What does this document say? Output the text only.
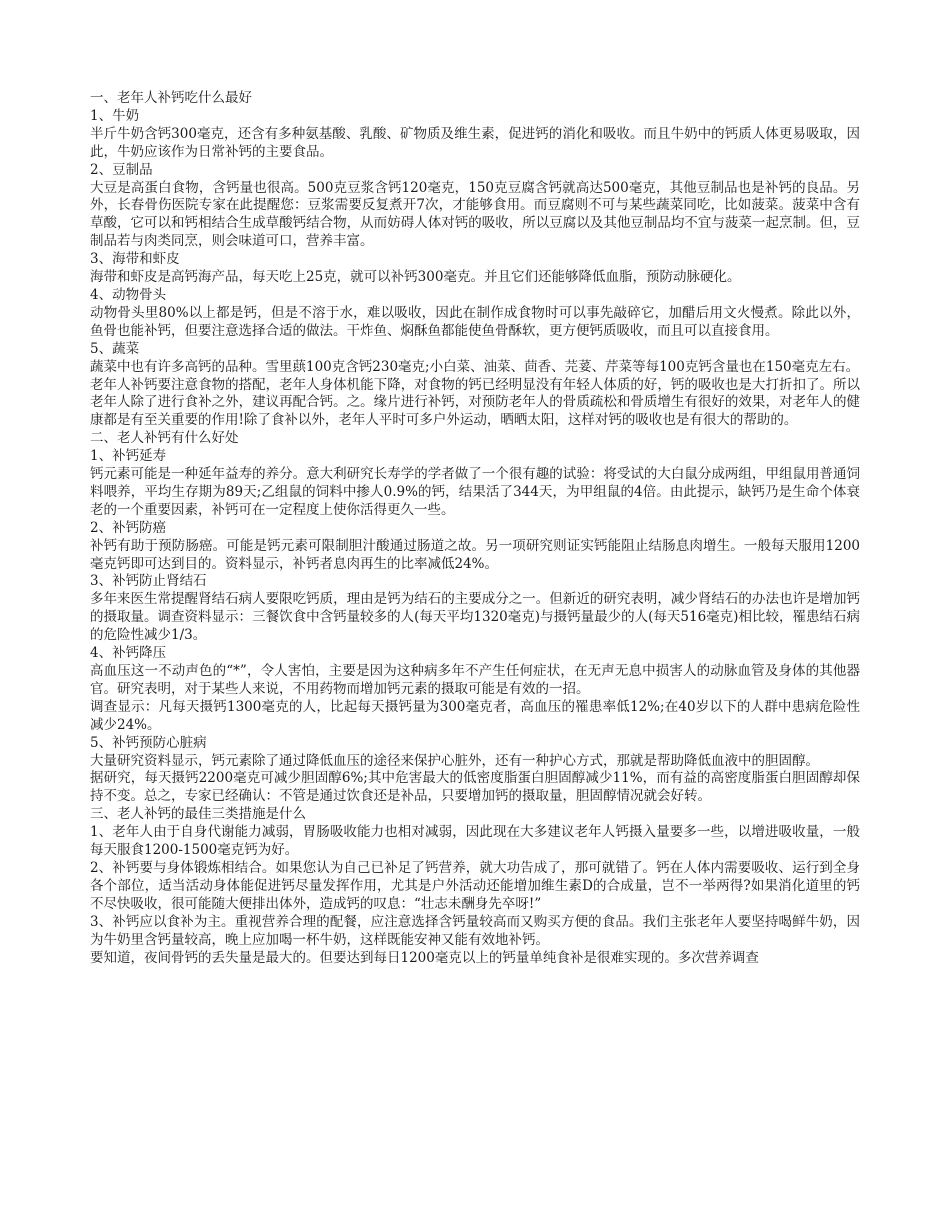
一、老年人补钙吃什么最好

1、牛奶

半斤牛奶含钙300毫克，还含有多种氨基酸、乳酸、矿物质及维生素，促进钙的消化和吸收。而且牛奶中的钙质人体更易吸取，因此，牛奶应该作为日常补钙的主要食品。

2、豆制品

大豆是高蛋白食物，含钙量也很高。500克豆浆含钙120毫克，150克豆腐含钙就高达500毫克，其他豆制品也是补钙的良品。另外，长春骨伤医院专家在此提醒您：豆浆需要反复煮开7次，才能够食用。而豆腐则不可与某些蔬菜同吃，比如菠菜。菠菜中含有草酸，它可以和钙相结合生成草酸钙结合物，从而妨碍人体对钙的吸收，所以豆腐以及其他豆制品均不宜与菠菜一起烹制。但，豆制品若与肉类同烹，则会味道可口，营养丰富。

3、海带和虾皮

海带和虾皮是高钙海产品，每天吃上25克，就可以补钙300毫克。并且它们还能够降低血脂，预防动脉硬化。

4、动物骨头

动物骨头里80%以上都是钙，但是不溶于水，难以吸收，因此在制作成食物时可以事先敲碎它，加醋后用文火慢煮。除此以外，鱼骨也能补钙，但要注意选择合适的做法。干炸鱼、焖酥鱼都能使鱼骨酥软，更方便钙质吸收，而且可以直接食用。

5、蔬菜

蔬菜中也有许多高钙的品种。雪里蕻100克含钙230毫克;小白菜、油菜、茴香、芫荽、芹菜等每100克钙含量也在150毫克左右。

老年人补钙要注意食物的搭配，老年人身体机能下降，对食物的钙已经明显没有年轻人体质的好，钙的吸收也是大打折扣了。所以老年人除了进行食补之外，建议再配合钙。之。缘片进行补钙，对预防老年人的骨质疏松和骨质增生有很好的效果，对老年人的健康都是有至关重要的作用!除了食补以外，老年人平时可多户外运动，晒晒太阳，这样对钙的吸收也是有很大的帮助的。

二、老人补钙有什么好处

1、补钙延寿

钙元素可能是一种延年益寿的养分。意大利研究长寿学的学者做了一个很有趣的试验：将受试的大白鼠分成两组，甲组鼠用普通饲料喂养，平均生存期为89天;乙组鼠的饲料中掺人0.9%的钙，结果活了344天，为甲组鼠的4倍。由此提示，缺钙乃是生命个体衰老的一个重要因素，补钙可在一定程度上使你活得更久一些。

2、补钙防癌

补钙有助于预防肠癌。可能是钙元素可限制胆汁酸通过肠道之故。另一项研究则证实钙能阻止结肠息肉增生。一般每天服用1200毫克钙即可达到目的。资料显示，补钙者息肉再生的比率减低24%。

3、补钙防止肾结石

多年来医生常提醒肾结石病人要限吃钙质，理由是钙为结石的主要成分之一。但新近的研究表明，减少肾结石的办法也许是增加钙的摄取量。调查资料显示：三餐饮食中含钙量较多的人(每天平均1320毫克)与摄钙量最少的人(每天516毫克)相比较，罹患结石病的危险性减少1/3。

4、补钙降压

高血压这一不动声色的“*”，令人害怕，主要是因为这种病多年不产生任何症状，在无声无息中损害人的动脉血管及身体的其他器官。研究表明，对于某些人来说，不用药物而增加钙元素的摄取可能是有效的一招。

调查显示：凡每天摄钙1300毫克的人，比起每天摄钙量为300毫克者，高血压的罹患率低12%;在40岁以下的人群中患病危险性减少24%。

5、补钙预防心脏病

大量研究资料显示，钙元素除了通过降低血压的途径来保护心脏外，还有一种护心方式，那就是帮助降低血液中的胆固醇。

据研究，每天摄钙2200毫克可减少胆固醇6%;其中危害最大的低密度脂蛋白胆固醇减少11%，而有益的高密度脂蛋白胆固醇却保持不变。总之，专家已经确认：不管是通过饮食还是补品，只要增加钙的摄取量，胆固醇情况就会好转。

三、老人补钙的最佳三类措施是什么

1、老年人由于自身代谢能力减弱，胃肠吸收能力也相对减弱，因此现在大多建议老年人钙摄入量要多一些，以增进吸收量，一般每天服食1200-1500毫克钙为好。

2、补钙要与身体锻炼相结合。如果您认为自己已补足了钙营养，就大功告成了，那可就错了。钙在人体内需要吸收、运行到全身各个部位，适当活动身体能促进钙尽量发挥作用，尤其是户外活动还能增加维生素D的合成量，岂不一举两得?如果消化道里的钙不尽快吸收，很可能随大便排出体外，造成钙的叹息：“壮志未酬身先卒呀!”

3、补钙应以食补为主。重视营养合理的配餐，应注意选择含钙量较高而又购买方便的食品。我们主张老年人要坚持喝鲜牛奶，因为牛奶里含钙量较高，晚上应加喝一杯牛奶，这样既能安神又能有效地补钙。

要知道，夜间骨钙的丢失量是最大的。但要达到每日1200毫克以上的钙量单纯食补是很难实现的。多次营养调查
